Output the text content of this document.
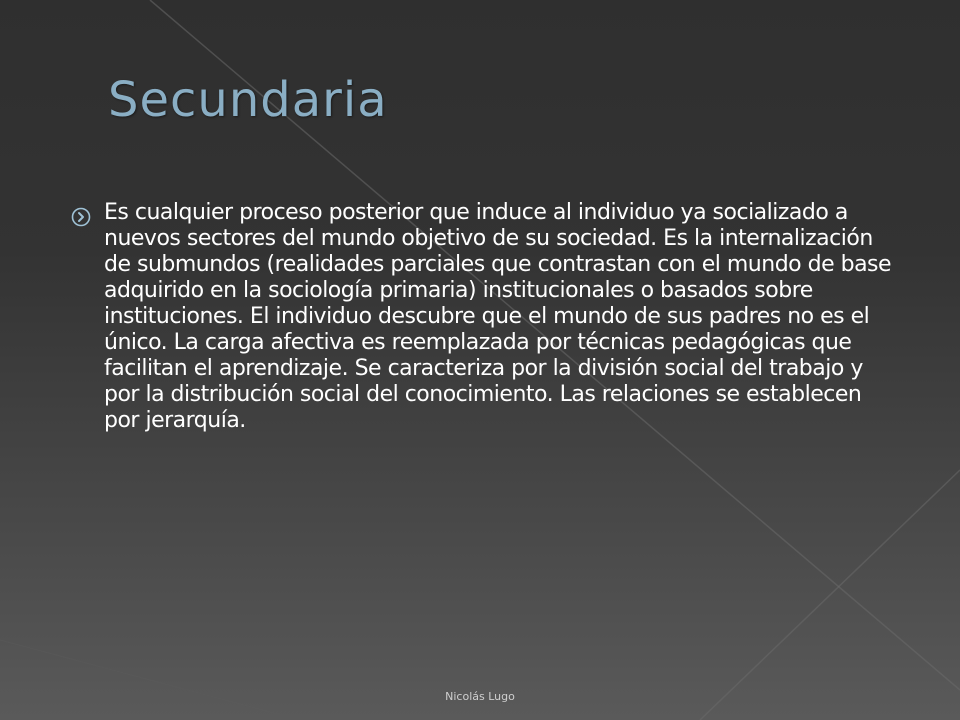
Secundaria

Es cualquier proceso posterior que induce al individuo ya socializado a nuevos sectores del mundo objetivo de su sociedad. Es la internalización de submundos (realidades parciales que contrastan con el mundo de base adquirido en la sociología primaria) institucionales o basados sobre instituciones. El individuo descubre que el mundo de sus padres no es el único. La carga afectiva es reemplazada por técnicas pedagógicas que facilitan el aprendizaje. Se caracteriza por la división social del trabajo y por la distribución social del conocimiento. Las relaciones se establecen por jerarquía.

Nicolás Lugo
